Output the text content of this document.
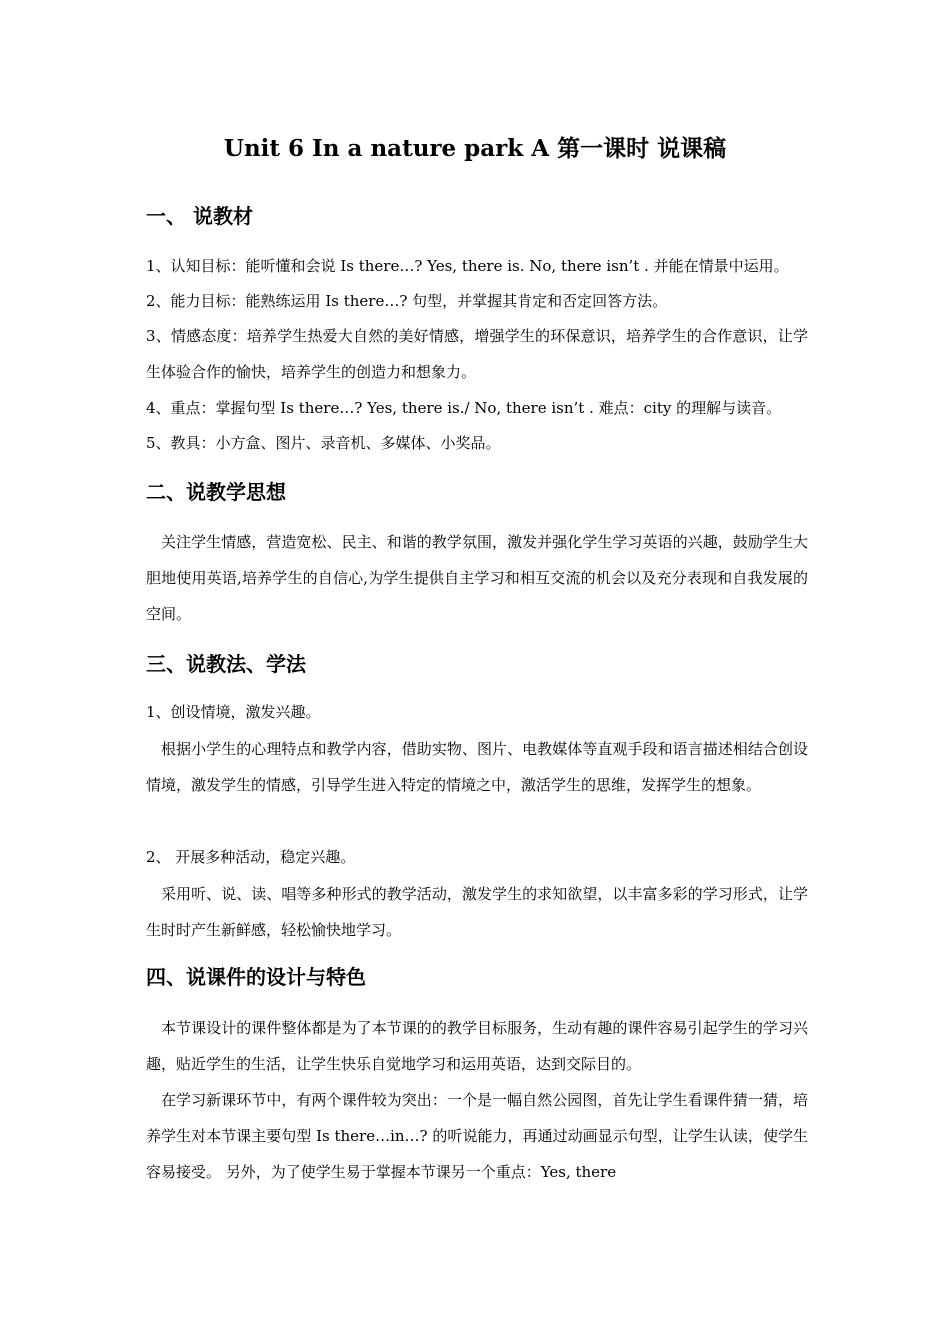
Unit 6 In a nature park A 第一课时 说课稿
一、 说教材
1、认知目标：能听懂和会说 Is there…? Yes, there is. No, there isn’t . 并能在情景中运用。
2、能力目标：能熟练运用 Is there…? 句型，并掌握其肯定和否定回答方法。
3、情感态度：培养学生热爱大自然的美好情感，增强学生的环保意识，培养学生的合作意识，让学生体验合作的愉快，培养学生的创造力和想象力。
4、重点：掌握句型 Is there…? Yes, there is./ No, there isn’t . 难点：city 的理解与读音。
5、教具：小方盒、图片、录音机、多媒体、小奖品。
二、说教学思想
关注学生情感，营造宽松、民主、和谐的教学氛围，激发并强化学生学习英语的兴趣，鼓励学生大胆地使用英语,培养学生的自信心,为学生提供自主学习和相互交流的机会以及充分表现和自我发展的空间。
三、说教法、学法
1、创设情境，激发兴趣。
根据小学生的心理特点和教学内容，借助实物、图片、电教媒体等直观手段和语言描述相结合创设情境，激发学生的情感，引导学生进入特定的情境之中，激活学生的思维，发挥学生的想象。
2、 开展多种活动，稳定兴趣。
采用听、说、读、唱等多种形式的教学活动，激发学生的求知欲望，以丰富多彩的学习形式，让学生时时产生新鲜感，轻松愉快地学习。
四、说课件的设计与特色
本节课设计的课件整体都是为了本节课的的教学目标服务，生动有趣的课件容易引起学生的学习兴趣，贴近学生的生活，让学生快乐自觉地学习和运用英语，达到交际目的。
在学习新课环节中，有两个课件较为突出：一个是一幅自然公园图，首先让学生看课件猜一猜，培养学生对本节课主要句型 Is there…in…? 的听说能力，再通过动画显示句型，让学生认读，使学生容易接受。 另外，为了使学生易于掌握本节课另一个重点：Yes, there
